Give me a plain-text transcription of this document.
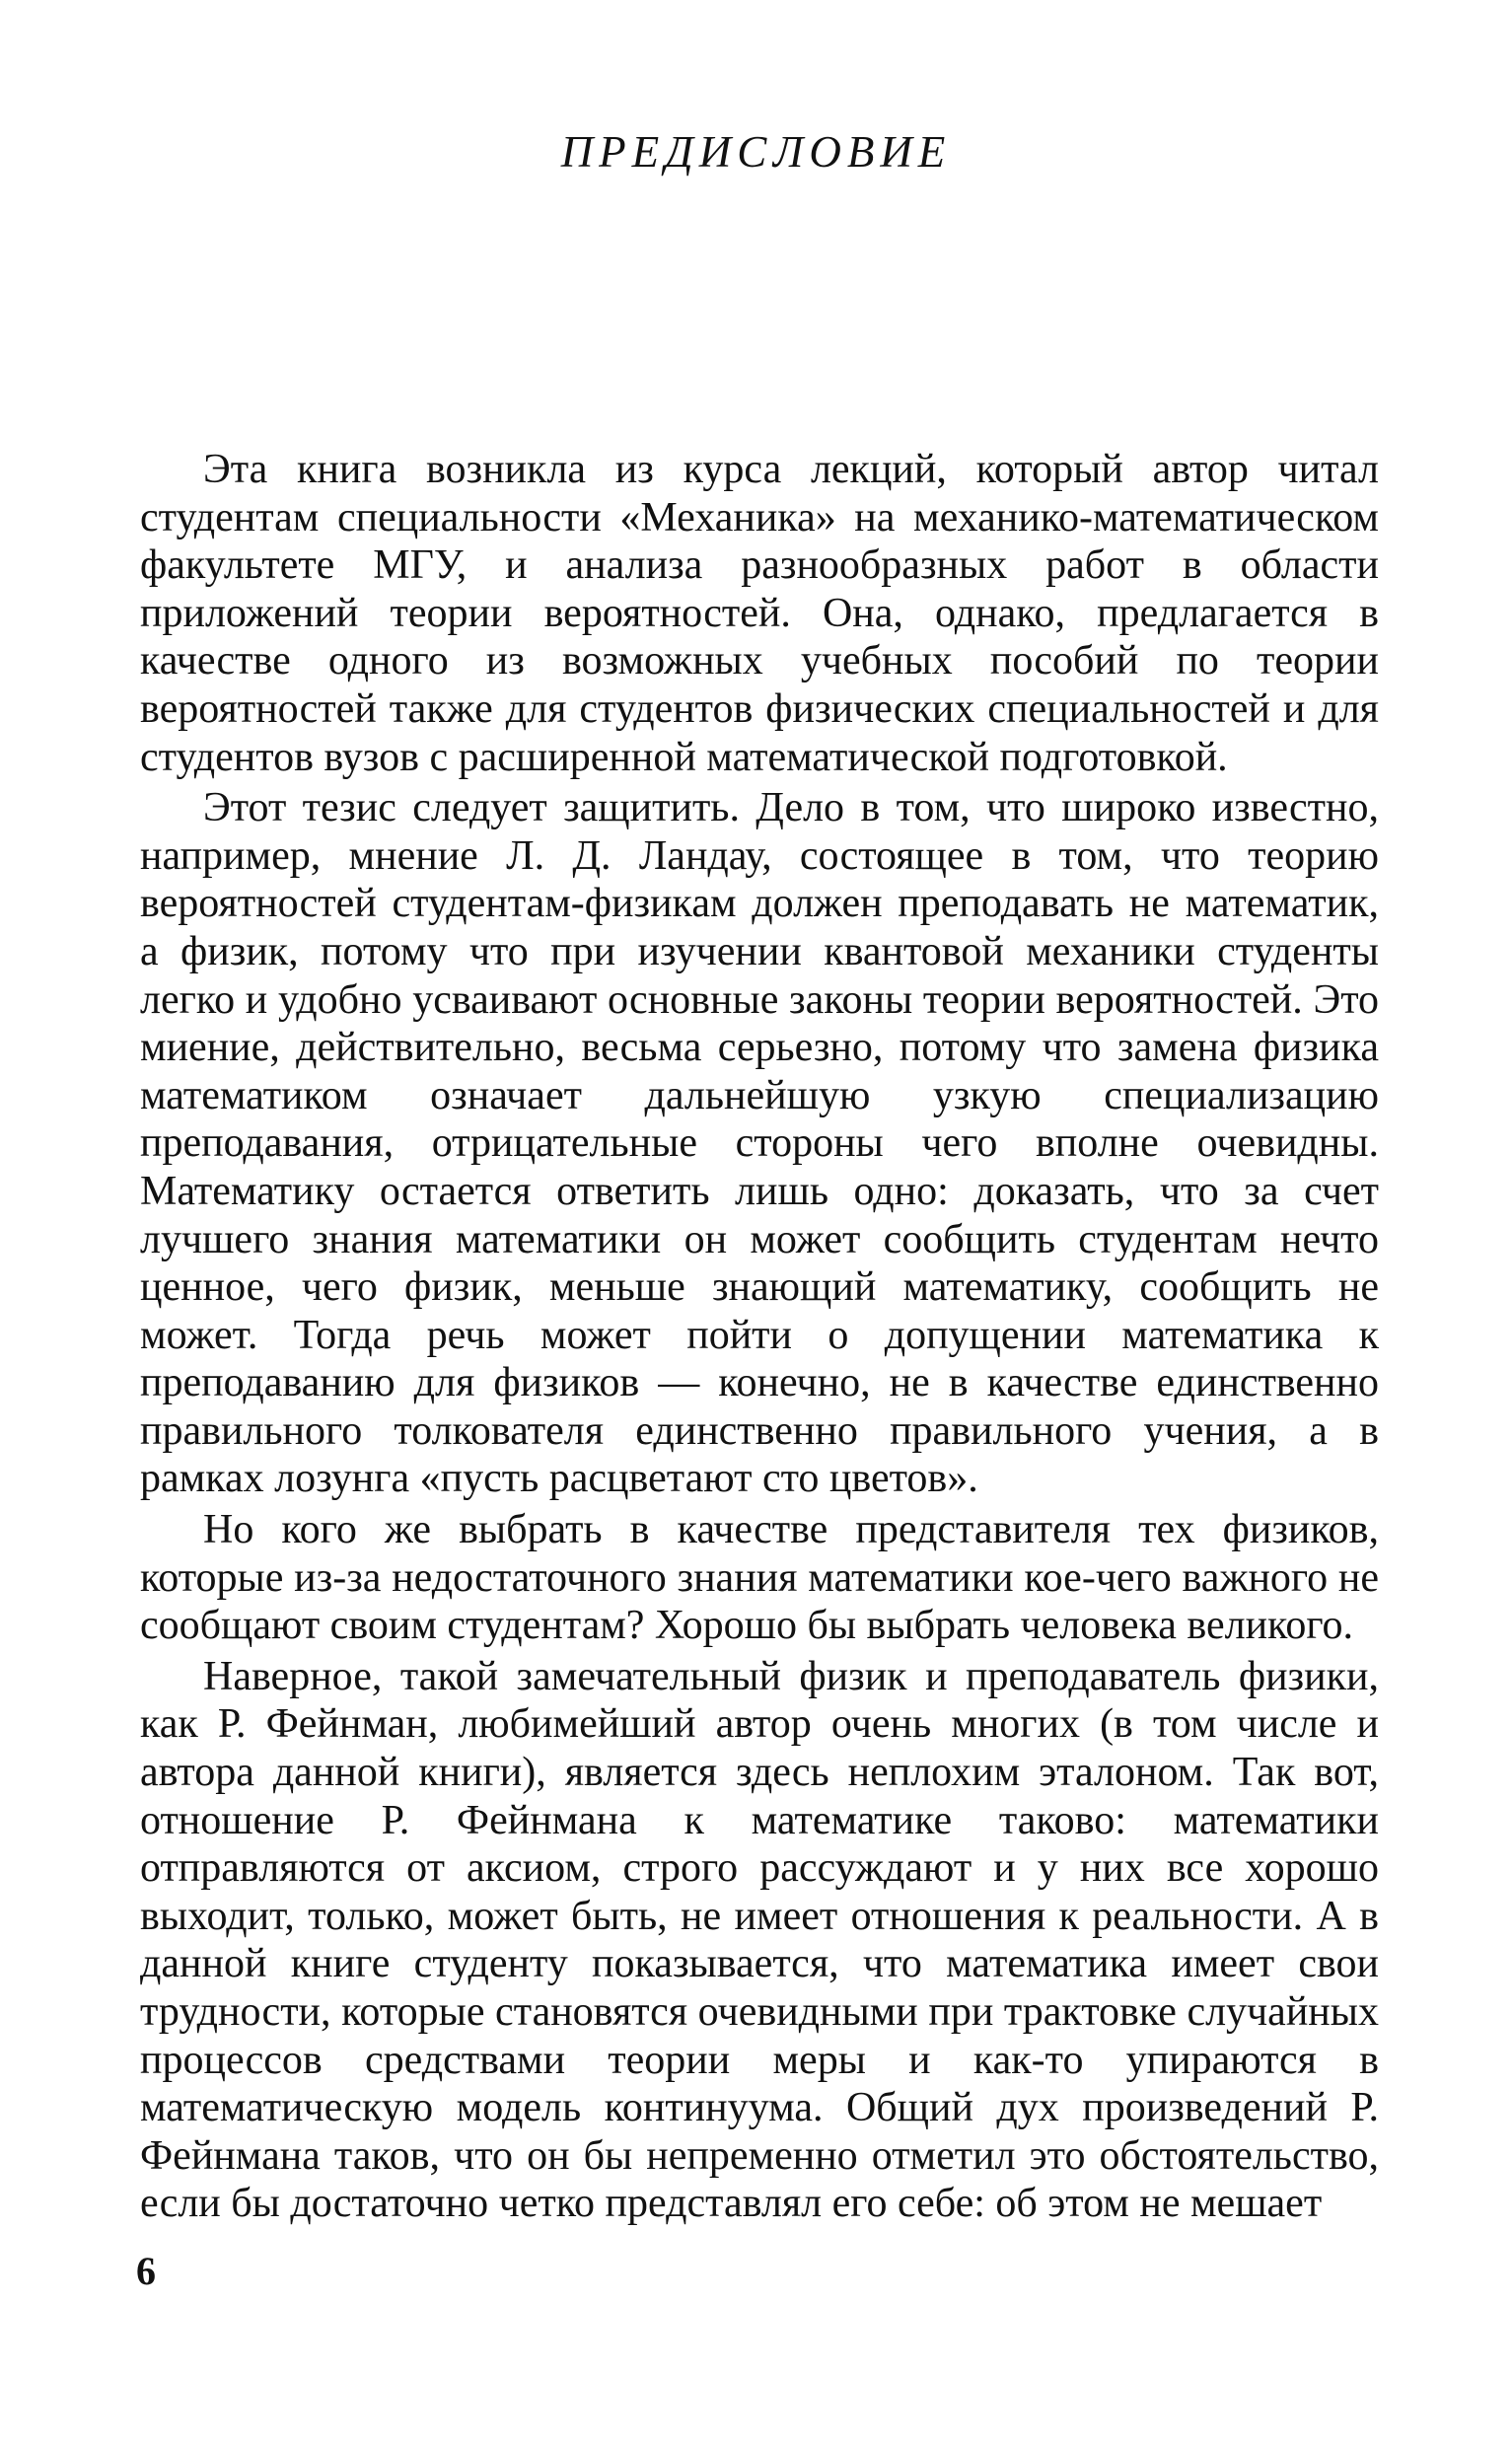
ПРЕДИСЛОВИЕ

Эта книга возникла из курса лекций, который автор читал студентам специальности «Механика» на механико-математическом факультете МГУ, и анализа разнообразных работ в области приложений теории вероятностей. Она, однако, предлагается в качестве одного из возможных учебных пособий по теории вероятностей также для студентов физических специальностей и для студентов вузов с расширенной математической подготовкой.

Этот тезис следует защитить. Дело в том, что широко известно, например, мнение Л. Д. Ландау, состоящее в том, что теорию вероятностей студентам-физикам должен преподавать не математик, а физик, потому что при изучении квантовой механики студенты легко и удобно усваивают основные законы теории вероятностей. Это миение, действительно, весьма серьезно, потому что замена физика математиком означает дальнейшую узкую специализацию преподавания, отрицательные стороны чего вполне очевидны. Математику остается ответить лишь одно: доказать, что за счет лучшего знания математики он может сообщить студентам нечто ценное, чего физик, меньше знающий математику, сообщить не может. Тогда речь может пойти о допущении математика к преподаванию для физиков — конечно, не в качестве единственно правильного толкователя единственно правильного учения, а в рамках лозунга «пусть расцветают сто цветов».

Но кого же выбрать в качестве представителя тех физиков, которые из-за недостаточного знания математики кое-чего важного не сообщают своим студентам? Хорошо бы выбрать человека великого.

Наверное, такой замечательный физик и преподаватель физики, как Р. Фейнман, любимейший автор очень многих (в том числе и автора данной книги), является здесь неплохим эталоном. Так вот, отношение Р. Фейнмана к математике таково: математики отправляются от аксиом, строго рассуждают и у них все хорошо выходит, только, может быть, не имеет отношения к реальности. А в данной книге студенту показывается, что математика имеет свои трудности, которые становятся очевидными при трактовке случайных процессов средствами теории меры и как-то упираются в математическую модель континуума. Общий дух произведений Р. Фейнмана таков, что он бы непременно отметил это обстоятельство, если бы достаточно четко представлял его себе: об этом не мешает

6
